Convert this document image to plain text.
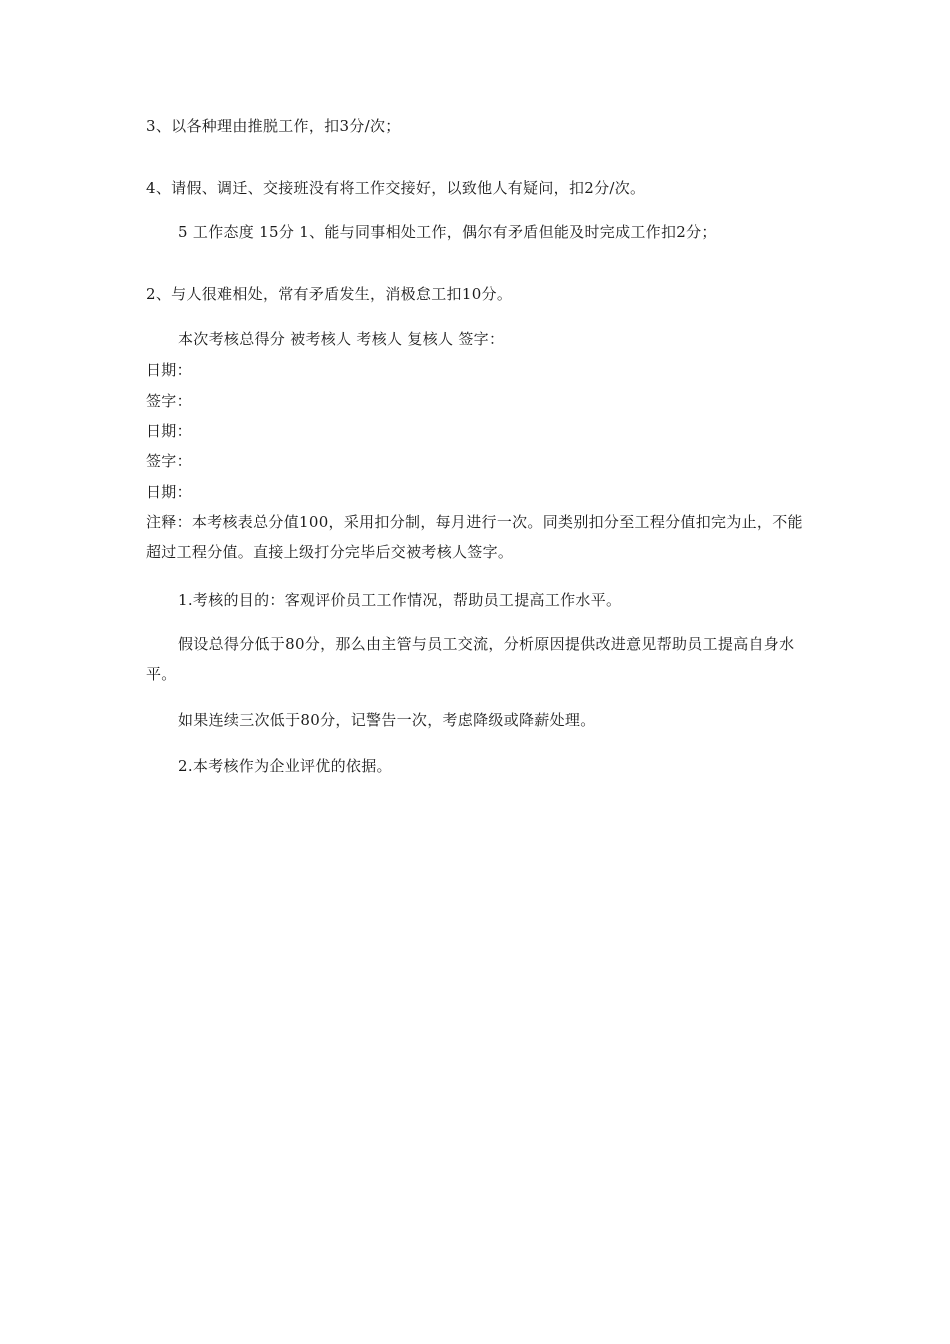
3、以各种理由推脱工作，扣3分/次；
4、请假、调迁、交接班没有将工作交接好，以致他人有疑问，扣2分/次。
5 工作态度 15分 1、能与同事相处工作，偶尔有矛盾但能及时完成工作扣2分；
2、与人很难相处，常有矛盾发生，消极怠工扣10分。
本次考核总得分 被考核人 考核人 复核人 签字：
日期：
签字：
日期：
签字：
日期：
注释：本考核表总分值100，采用扣分制，每月进行一次。同类别扣分至工程分值扣完为止，不能超过工程分值。直接上级打分完毕后交被考核人签字。
1.考核的目的：客观评价员工工作情况，帮助员工提高工作水平。
假设总得分低于80分，那么由主管与员工交流，分析原因提供改进意见帮助员工提高自身水平。
如果连续三次低于80分，记警告一次，考虑降级或降薪处理。
2.本考核作为企业评优的依据。
